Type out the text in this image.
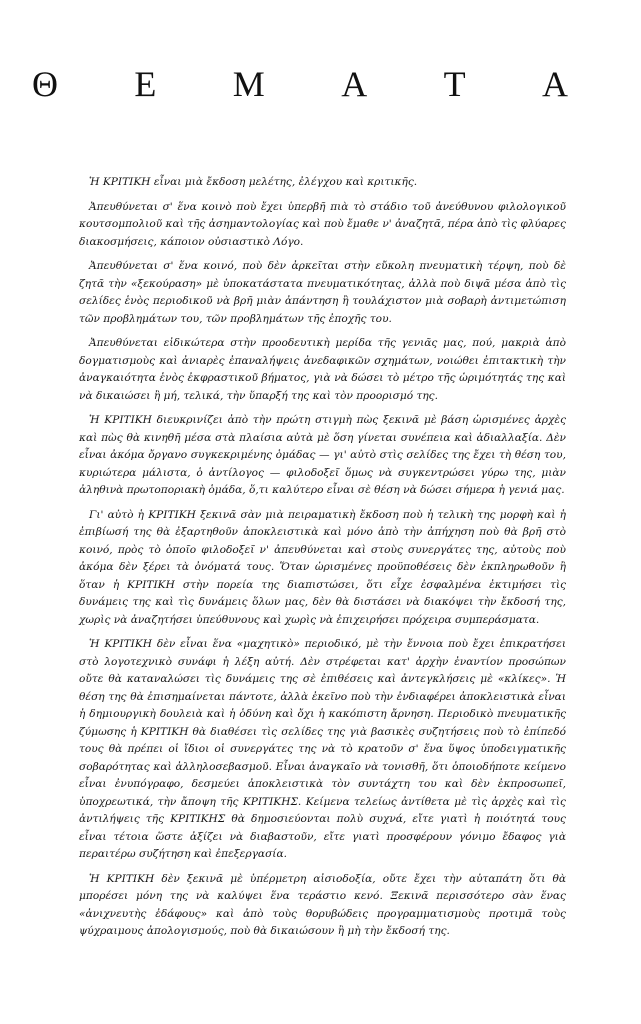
Θ Ε Μ Α Τ Α

Ἡ ΚΡΙΤΙΚΗ εἶναι μιὰ ἔκδοση μελέτης, ἐλέγχου καὶ κριτικῆς.

Ἀπευθύνεται σ' ἕνα κοινὸ ποὺ ἔχει ὑπερβῆ πιὰ τὸ στάδιο τοῦ ἀνεύθυνου φιλολογικοῦ κουτσομπολιοῦ καὶ τῆς ἀσημαντολογίας καὶ ποὺ ἔμαθε ν' ἀναζητᾶ, πέρα ἀπὸ τὶς φλύαρες διακοσμήσεις, κάποιον οὐσιαστικὸ Λόγο.

Ἀπευθύνεται σ' ἕνα κοινό, ποὺ δὲν ἀρκεῖται στὴν εὔκολη πνευματικὴ τέρψη, ποὺ δὲ ζητᾶ τὴν «ξεκούραση» μὲ ὑποκατάστατα πνευματικότητας, ἀλλὰ ποὺ διψᾶ μέσα ἀπὸ τὶς σελίδες ἑνὸς περιοδικοῦ νὰ βρῆ μιὰν ἀπάντηση ἢ τουλάχιστον μιὰ σοβαρὴ ἀντιμετώπιση τῶν προβλημάτων του, τῶν προβλημάτων τῆς ἐποχῆς του.

Ἀπευθύνεται εἰδικώτερα στὴν προοδευτικὴ μερίδα τῆς γενιᾶς μας, πού, μακριὰ ἀπὸ δογματισμοὺς καὶ ἀνιαρὲς ἐπαναλήψεις ἀνεδαφικῶν σχημάτων, νοιώθει ἐπιτακτικὴ τὴν ἀναγκαιότητα ἑνὸς ἐκφραστικοῦ βήματος, γιὰ νὰ δώσει τὸ μέτρο τῆς ὡριμότητάς της καὶ νὰ δικαιώσει ἢ μή, τελικά, τὴν ὕπαρξή της καὶ τὸν προορισμό της.

Ἡ ΚΡΙΤΙΚΗ διευκρινίζει ἀπὸ τὴν πρώτη στιγμὴ πὼς ξεκινᾶ μὲ βάση ὡρισμένες ἀρχὲς καὶ πὼς θὰ κινηθῆ μέσα στὰ πλαίσια αὐτὰ μὲ ὅση γίνεται συνέπεια καὶ ἀδιαλλαξία. Δὲν εἶναι ἀκόμα ὄργανο συγκεκριμένης ὁμάδας — γι' αὐτὸ στὶς σελίδες της ἔχει τὴ θέση του, κυριώτερα μάλιστα, ὁ ἀντίλογος — φιλοδοξεῖ ὅμως νὰ συγκεντρώσει γύρω της, μιὰν ἀληθινὰ πρωτοποριακὴ ὁμάδα, ὅ,τι καλύτερο εἶναι σὲ θέση νὰ δώσει σήμερα ἡ γενιά μας.

Γι' αὐτὸ ἡ ΚΡΙΤΙΚΗ ξεκινᾶ σὰν μιὰ πειραματικὴ ἔκδοση ποὺ ἡ τελικὴ της μορφὴ καὶ ἡ ἐπιβίωσή της θὰ ἐξαρτηθοῦν ἀποκλειστικὰ καὶ μόνο ἀπὸ τὴν ἀπήχηση ποὺ θὰ βρῆ στὸ κοινό, πρὸς τὸ ὁποῖο φιλοδοξεῖ ν' ἀπευθύνεται καὶ στοὺς συνεργάτες της, αὐτοὺς ποὺ ἀκόμα δὲν ξέρει τὰ ὀνόματά τους. Ὅταν ὡρισμένες προϋποθέσεις δὲν ἐκπληρωθοῦν ἢ ὅταν ἡ ΚΡΙΤΙΚΗ στὴν πορεία της διαπιστώσει, ὅτι εἶχε ἐσφαλμένα ἐκτιμήσει τὶς δυνάμεις της καὶ τὶς δυνάμεις ὅλων μας, δὲν θὰ διστάσει νὰ διακόψει τὴν ἔκδοσή της, χωρὶς νὰ ἀναζητήσει ὑπεύθυνους καὶ χωρὶς νὰ ἐπιχειρήσει πρόχειρα συμπεράσματα.

Ἡ ΚΡΙΤΙΚΗ δὲν εἶναι ἕνα «μαχητικὸ» περιοδικό, μὲ τὴν ἔννοια ποὺ ἔχει ἐπικρατήσει στὸ λογοτεχνικὸ συνάφι ἡ λέξη αὐτή. Δὲν στρέφεται κατ' ἀρχὴν ἐναντίον προσώπων οὔτε θὰ καταναλώσει τὶς δυνάμεις της σὲ ἐπιθέσεις καὶ ἀντεγκλήσεις μὲ «κλίκες». Ἡ θέση της θὰ ἐπισημαίνεται πάντοτε, ἀλλὰ ἐκεῖνο ποὺ τὴν ἐνδιαφέρει ἀποκλειστικὰ εἶναι ἡ δημιουργικὴ δουλειὰ καὶ ἡ ὁδύνη καὶ ὄχι ἡ κακόπιστη ἄρνηση. Περιοδικὸ πνευματικῆς ζύμωσης ἡ ΚΡΙΤΙΚΗ θὰ διαθέσει τὶς σελίδες της γιὰ βασικὲς συζητήσεις ποὺ τὸ ἐπίπεδό τους θὰ πρέπει οἱ ἴδιοι οἱ συνεργάτες της νὰ τὸ κρατοῦν σ' ἕνα ὕψος ὑποδειγματικῆς σοβαρότητας καὶ ἀλληλοσεβασμοῦ. Εἶναι ἀναγκαῖο νὰ τονισθῆ, ὅτι ὁποιοδήποτε κείμενο εἶναι ἐνυπόγραφο, δεσμεύει ἀποκλειστικὰ τὸν συντάχτη του καὶ δὲν ἐκπροσωπεῖ, ὑποχρεωτικά, τὴν ἄποψη τῆς ΚΡΙΤΙΚΗΣ. Κείμενα τελείως ἀντίθετα μὲ τὶς ἀρχὲς καὶ τὶς ἀντιλήψεις τῆς ΚΡΙΤΙΚΗΣ θὰ δημοσιεύονται πολὺ συχνά, εἴτε γιατὶ ἡ ποιότητά τους εἶναι τέτοια ὥστε ἀξίζει νὰ διαβαστοῦν, εἴτε γιατὶ προσφέρουν γόνιμο ἔδαφος γιὰ περαιτέρω συζήτηση καὶ ἐπεξεργασία.

Ἡ ΚΡΙΤΙΚΗ δὲν ξεκινᾶ μὲ ὑπέρμετρη αἰσιοδοξία, οὔτε ἔχει τὴν αὐταπάτη ὅτι θὰ μπορέσει μόνη της νὰ καλύψει ἕνα τεράστιο κενό. Ξεκινᾶ περισσότερο σὰν ἕνας «ἀνιχνευτὴς ἐδάφους» καὶ ἀπὸ τοὺς θορυβώδεις προγραμματισμοὺς προτιμᾶ τοὺς ψύχραιμους ἀπολογισμούς, ποὺ θὰ δικαιώσουν ἢ μὴ τὴν ἔκδοσή της.
